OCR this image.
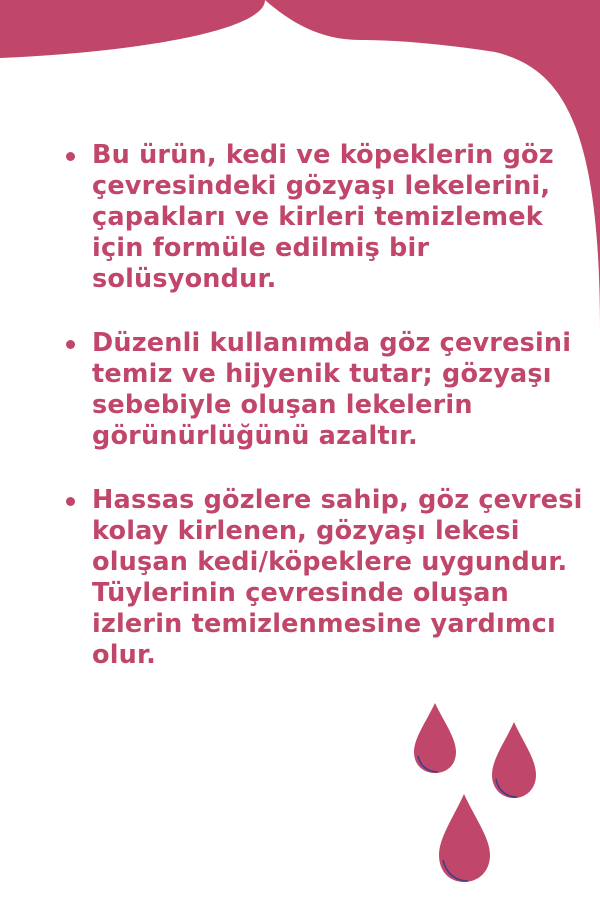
Bu ürün, kedi ve köpeklerin göz çevresindeki gözyaşı lekelerini, çapakları ve kirleri temizlemek için formüle edilmiş bir solüsyondur.
Düzenli kullanımda göz çevresini temiz ve hijyenik tutar; gözyaşı sebebiyle oluşan lekelerin görünürlüğünü azaltır.
Hassas gözlere sahip, göz çevresi kolay kirlenen, gözyaşı lekesi oluşan kedi/köpeklere uygundur. Tüylerinin çevresinde oluşan izlerin temizlenmesine yardımcı olur.
